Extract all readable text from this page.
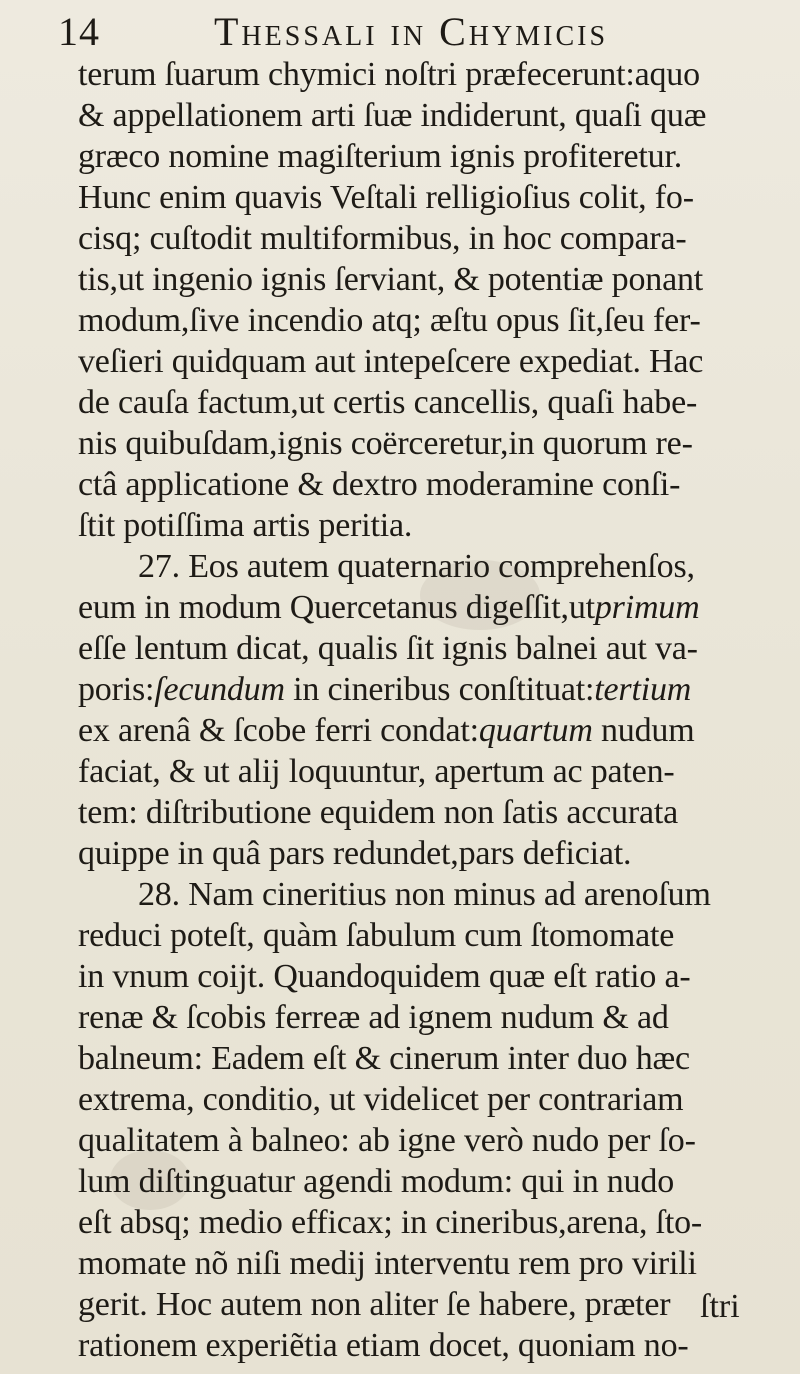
14	Thessali in Chymicis
terum ſuarum chymici noſtri præfecerunt:aquo
& appellationem arti ſuæ indiderunt, quaſi quæ
græco nomine magiſterium ignis profiteretur.
Hunc enim quavis Veſtali relligioſius colit, fo-
cisq; cuſtodit multiformibus, in hoc compara-
tis,ut ingenio ignis ſerviant, & potentiæ ponant
modum,ſive incendio atq; æſtu opus ſit,ſeu fer-
veſieri quidquam aut intepeſcere expediat. Hac
de cauſa factum,ut certis cancellis, quaſi habe-
nis quibuſdam,ignis coërceretur,in quorum re-
ctâ applicatione & dextro moderamine conſi-
ſtit potiſſima artis peritia.
27. Eos autem quaternario comprehenſos,
eum in modum Quercetanus digeſſit,utprimum
eſſe lentum dicat, qualis ſit ignis balnei aut va-
poris:ſecundum in cineribus conſtituat:tertium
ex arenâ & ſcobe ferri condat:quartum nudum
faciat, & ut alij loquuntur, apertum ac paten-
tem: diſtributione equidem non ſatis accurata
quippe in quâ pars redundet,pars deficiat.
28. Nam cineritius non minus ad arenoſum
reduci poteſt, quàm ſabulum cum ſtomomate
in vnum coijt. Quandoquidem quæ eſt ratio a-
renæ & ſcobis ferreæ ad ignem nudum & ad
balneum: Eadem eſt & cinerum inter duo hæc
extrema, conditio, ut videlicet per contrariam
qualitatem à balneo: ab igne verò nudo per ſo-
lum diſtinguatur agendi modum: qui in nudo
eſt absq; medio efficax; in cineribus,arena, ſto-
momate nõ niſi medij interventu rem pro virili
gerit. Hoc autem non aliter ſe habere, præter
rationem experiẽtia etiam docet, quoniam no-
ſtri
